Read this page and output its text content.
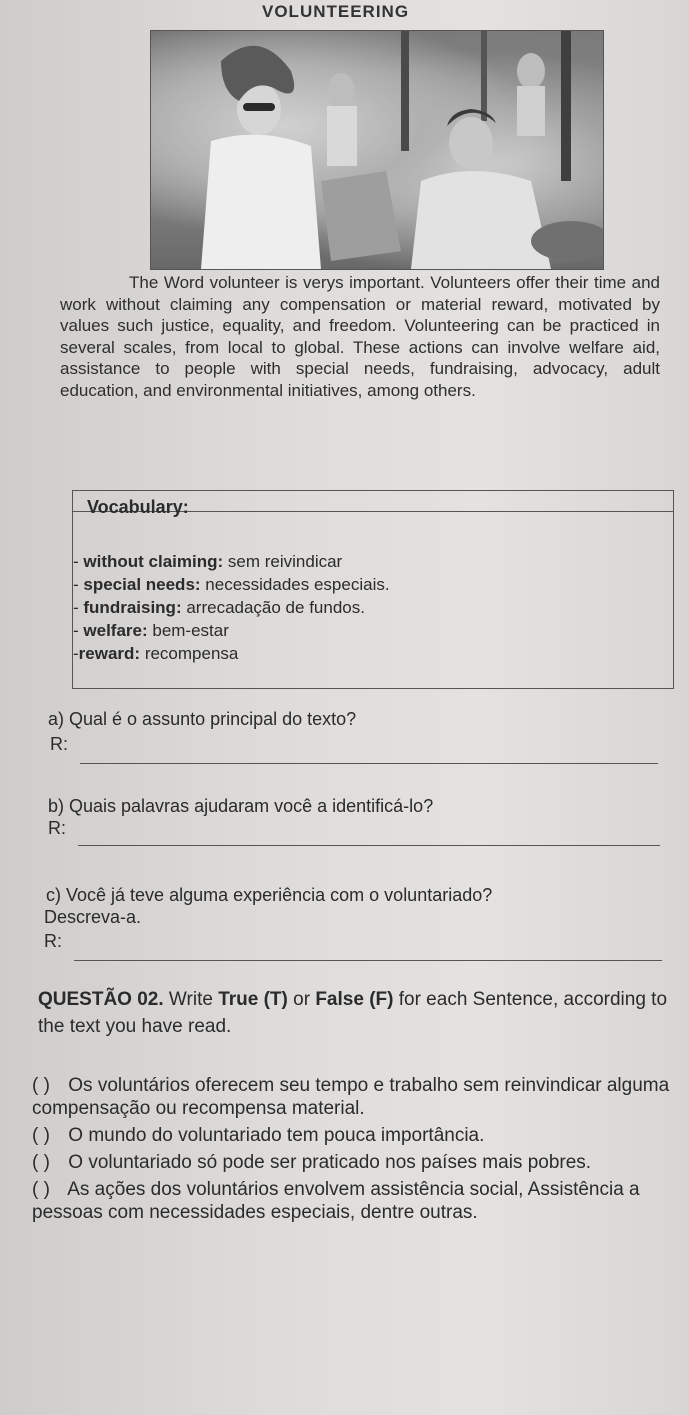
VOLUNTEERING
The Word volunteer is verys important. Volunteers offer their time and work without claiming any compensation or material reward, motivated by values such justice, equality, and freedom. Volunteering can be practiced in several scales, from local to global. These actions can involve welfare aid, assistance to people with special needs, fundraising, advocacy, adult education, and environmental initiatives, among others.
Vocabulary:
- without claiming: sem reivindicar
- special needs: necessidades especiais.
- fundraising: arrecadação de fundos.
- welfare: bem-estar
-reward: recompensa
a) Qual é o assunto principal do texto?
R:
b) Quais palavras ajudaram você a identificá-lo?
R:
c) Você já teve alguma experiência com o voluntariado?
Descreva-a.
R:
QUESTÃO 02. Write True (T) or False (F) for each Sentence, according to the text you have read.

( ) Os voluntários oferecem seu tempo e trabalho sem reinvindicar alguma compensação ou recompensa material.

( ) O mundo do voluntariado tem pouca importância.

( ) O voluntariado só pode ser praticado nos países mais pobres.

( ) As ações dos voluntários envolvem assistência social, Assistência a pessoas com necessidades especiais, dentre outras.
